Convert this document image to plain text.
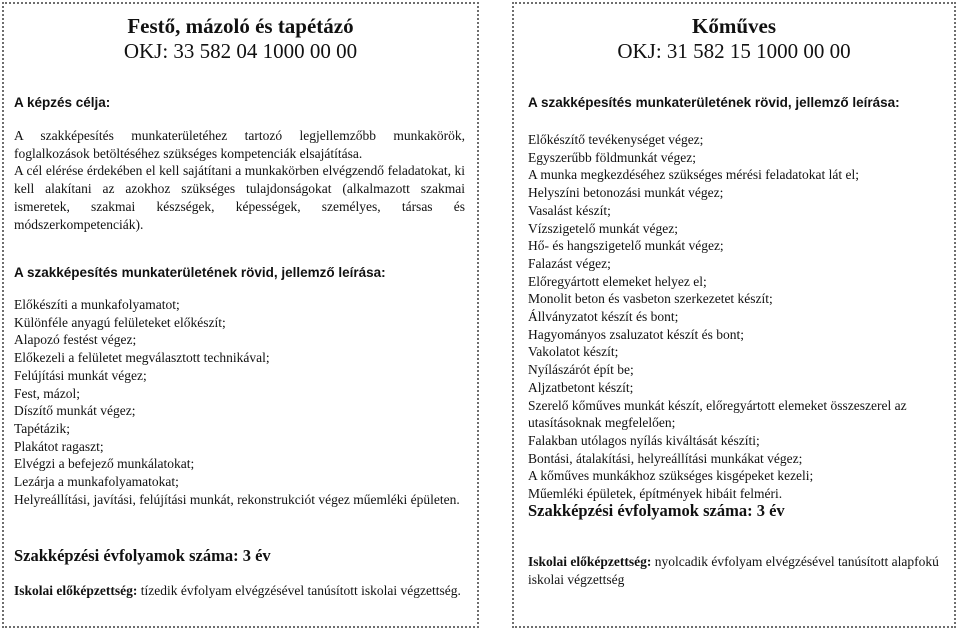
Festő, mázoló és tapétázó
OKJ: 33 582 04 1000 00 00
Kőműves
OKJ: 31 582 15 1000 00 00
A képzés célja:
A szakképesítés munkaterületéhez tartozó legjellemzőbb munkakörök, foglalkozások betöltéséhez szükséges kompetenciák elsajátítása.
A cél elérése érdekében el kell sajátítani a munkakörben elvégzendő feladatokat, ki kell alakítani az azokhoz szükséges tulajdonságokat (alkalmazott szakmai ismeretek, szakmai készségek, képességek, személyes, társas és módszerkompetenciák).
A szakképesítés munkaterületének rövid, jellemző leírása:
Előkészíti a munkafolyamatot;
Különféle anyagú felületeket előkészít;
Alapozó festést végez;
Előkezeli a felületet megválasztott technikával;
Felújítási munkát végez;
Fest, mázol;
Díszítő munkát végez;
Tapétázik;
Plakátot ragaszt;
Elvégzi a befejező munkálatokat;
Lezárja a munkafolyamatokat;
Helyreállítási, javítási, felújítási munkát, rekonstrukciót végez műemléki épületen.
Szakképzési évfolyamok száma: 3 év
Iskolai előképzettség: tízedik évfolyam elvégzésével tanúsított iskolai végzettség.
A szakképesítés munkaterületének rövid, jellemző leírása:
Előkészítő tevékenységet végez;
Egyszerűbb földmunkát végez;
A munka megkezdéséhez szükséges mérési feladatokat lát el;
Helyszíni betonozási munkát végez;
Vasalást készít;
Vízszigetelő munkát végez;
Hő- és hangszigetelő munkát végez;
Falazást végez;
Előregyártott elemeket helyez el;
Monolit beton és vasbeton szerkezetet készít;
Állványzatot készít és bont;
Hagyományos zsaluzatot készít és bont;
Vakolatot készít;
Nyílászárót épít be;
Aljzatbetont készít;
Szerelő kőműves munkát készít, előregyártott elemeket összeszerel az utasításoknak megfelelően;
Falakban utólagos nyílás kiváltását készíti;
Bontási, átalakítási, helyreállítási munkákat végez;
A kőműves munkákhoz szükséges kisgépeket kezeli;
Műemléki épületek, építmények hibáit felméri.
Szakképzési évfolyamok száma: 3 év
Iskolai előképzettség: nyolcadik évfolyam elvégzésével tanúsított alapfokú iskolai végzettség
